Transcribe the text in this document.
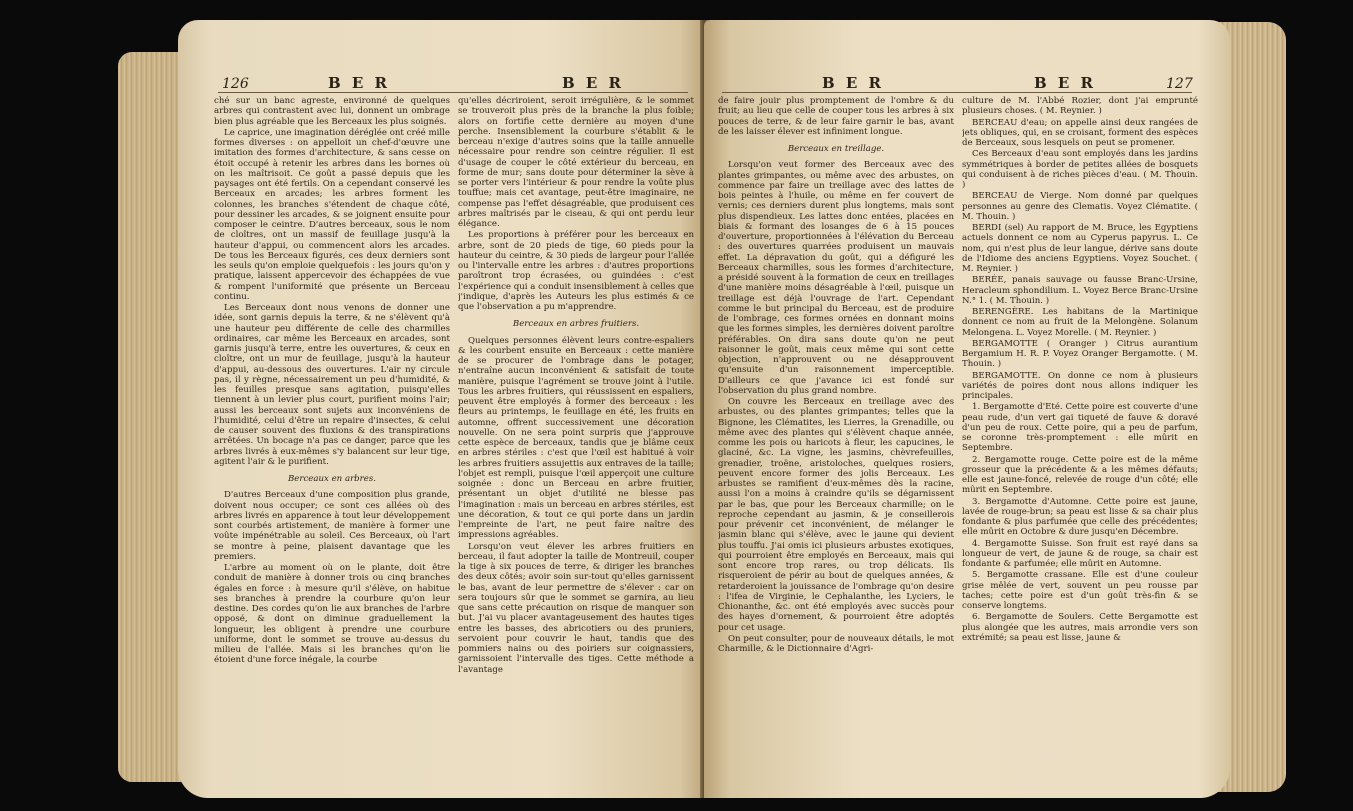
126	B E R	B E R

ché sur un banc agreste, environné de quelques arbres qui contrastent avec lui, donnent un ombrage bien plus agréable que les Berceaux les plus soignés.

Le caprice, une imagination déréglée ont créé mille formes diverses : on appelloit un chef-d'œuvre une imitation des formes d'architecture, & sans cesse on étoit occupé à retenir les arbres dans les bornes où on les maîtrisoit. Ce goût a passé depuis que les paysages ont été fertils. On a cependant conservé les Berceaux en arcades; les arbres forment les colonnes, les branches s'étendent de chaque côté, pour dessiner les arcades, & se joignent ensuite pour composer le ceintre. D'autres berceaux, sous le nom de cloîtres, ont un massif de feuillage jusqu'à la hauteur d'appui, ou commencent alors les arcades. De tous les Berceaux figurés, ces deux derniers sont les seuls qu'on emploie quelquefois : les jours qu'on y pratique, laissent appercevoir des échappées de vue & rompent l'uniformité que présente un Berceau continu.

Les Berceaux dont nous venons de donner une idée, sont garnis depuis la terre, & ne s'élèvent qu'à une hauteur peu différente de celle des charmilles ordinaires, car même les Berceaux en arcades, sont garnis jusqu'à terre, entre les ouvertures, & ceux en cloître, ont un mur de feuillage, jusqu'à la hauteur d'appui, au-dessous des ouvertures. L'air ny circule pas, il y règne, nécessairement un peu d'humidité, & les feuilles presque sans agitation, puisqu'elles tiennent à un levier plus court, purifient moins l'air; aussi les berceaux sont sujets aux inconvéniens de l'humidité, celui d'être un repaire d'insectes, & celui de causer souvent des fluxions & des transpirations arrêtées. Un bocage n'a pas ce danger, parce que les arbres livrés à eux-mêmes s'y balancent sur leur tige, agitent l'air & le purifient.

Berceaux en arbres.

D'autres Berceaux d'une composition plus grande, doivent nous occuper; ce sont ces allées où des arbres livrés en apparence à tout leur développement sont courbés artistement, de manière à former une voûte impénétrable au soleil. Ces Berceaux, où l'art se montre à peine, plaisent davantage que les premiers.

L'arbre au moment où on le plante, doit être conduit de manière à donner trois ou cinq branches égales en force : à mesure qu'il s'élève, on habitue ses branches à prendre la courbure qu'on leur destine. Des cordes qu'on lie aux branches de l'arbre opposé, & dont on diminue graduellement la longueur, les obligent à prendre une courbure uniforme, dont le sommet se trouve au-dessus du milieu de l'allée. Mais si les branches qu'on lie étoient d'une force inégale, la courbe

qu'elles décriroient, seroit irrégulière, & le sommet se trouveroit plus près de la branche la plus foible; alors on fortifie cette dernière au moyen d'une perche. Insensiblement la courbure s'établit & le berceau n'exige d'autres soins que la taille annuelle nécessaire pour rendre son ceintre régulier. Il est d'usage de couper le côté extérieur du berceau, en forme de mur; sans doute pour déterminer la sève à se porter vers l'intérieur & pour rendre la voûte plus touffue; mais cet avantage, peut-être imaginaire, ne compense pas l'effet désagréable, que produisent ces arbres maîtrisés par le ciseau, & qui ont perdu leur élégance.

Les proportions à préférer pour les berceaux en arbre, sont de 20 pieds de tige, 60 pieds pour la hauteur du ceintre, & 30 pieds de largeur pour l'allée ou l'intervalle entre les arbres : d'autres proportions paroîtront trop écrasées, ou guindées : c'est l'expérience qui a conduit insensiblement à celles que j'indique, d'après les Auteurs les plus estimés & ce que l'observation a pu m'apprendre.

Berceaux en arbres fruitiers.

Quelques personnes élèvent leurs contre-espaliers & les courbent ensuite en Berceaux : cette manière de se procurer de l'ombrage dans le potager, n'entraîne aucun inconvénient & satisfait de toute manière, puisque l'agrément se trouve joint à l'utile. Tous les arbres fruitiers, qui réussissent en espaliers, peuvent être employés à former des berceaux : les fleurs au printemps, le feuillage en été, les fruits en automne, offrent successivement une décoration nouvelle. On ne sera point surpris que j'approuve cette espèce de berceaux, tandis que je blâme ceux en arbres stériles : c'est que l'œil est habitué à voir les arbres fruitiers assujettis aux entraves de la taille; l'objet est rempli, puisque l'œil apperçoit une culture soignée : donc un Berceau en arbre fruitier, présentant un objet d'utilité ne blesse pas l'imagination : mais un berceau en arbres stériles, est une décoration, & tout ce qui porte dans un jardin l'empreinte de l'art, ne peut faire naître des impressions agréables.

Lorsqu'on veut élever les arbres fruitiers en berceau, il faut adopter la taille de Montreuil, couper la tige à six pouces de terre, & diriger les branches des deux côtés; avoir soin sur-tout qu'elles garnissent le bas, avant de leur permettre de s'élever : car on sera toujours sûr que le sommet se garnira, au lieu que sans cette précaution on risque de manquer son but. J'ai vu placer avantageusement des hautes tiges entre les basses, des abricotiers ou des pruniers, servoient pour couvrir le haut, tandis que des pommiers nains ou des poiriers sur coignassiers, garnissoient l'intervalle des tiges. Cette méthode a l'avantage

B E R	B E R	127

de faire jouir plus promptement de l'ombre & du fruit; au lieu que celle de couper tous les arbres à six pouces de terre, & de leur faire garnir le bas, avant de les laisser élever est infiniment longue.

Berceaux en treillage.

Lorsqu'on veut former des Berceaux avec des plantes grimpantes, ou même avec des arbustes, on commence par faire un treillage avec des lattes de bois peintes à l'huile, ou même en fer couvert de vernis; ces derniers durent plus longtems, mais sont plus dispendieux. Les lattes donc entées, placées en biais & formant des losanges de 6 à 15 pouces d'ouverture, proportionnées à l'élévation du Berceau : des ouvertures quarrées produisent un mauvais effet. La dépravation du goût, qui a défiguré les Berceaux charmilles, sous les formes d'architecture, a présidé souvent à la formation de ceux en treillages d'une manière moins désagréable à l'œil, puisque un treillage est déjà l'ouvrage de l'art. Cependant comme le but principal du Berceau, est de produire de l'ombrage, ces formes ornées en donnant moins que les formes simples, les dernières doivent paroître préférables. On dira sans doute qu'on ne peut raisonner le goût, mais ceux même qui sont cette objection, n'approuvent ou ne désapprouvent qu'ensuite d'un raisonnement imperceptible. D'ailleurs ce que j'avance ici est fondé sur l'observation du plus grand nombre.

On couvre les Berceaux en treillage avec des arbustes, ou des plantes grimpantes; telles que la Bignone, les Clématites, les Lierres, la Grenadille, ou même avec des plantes qui s'élèvent chaque année, comme les pois ou haricots à fleur, les capucines, le glaciné, &c. La vigne, les jasmins, chèvrefeuilles, grenadier, troëne, aristoloches, quelques rosiers, peuvent encore former des jolis Berceaux. Les arbustes se ramifient d'eux-mêmes dès la racine, aussi l'on a moins à craindre qu'ils se dégarnissent par le bas, que pour les Berceaux charmille; on le reproche cependant au jasmin, & je conseillerois pour prévenir cet inconvénient, de mélanger le jasmin blanc qui s'élève, avec le jaune qui devient plus touffu. J'ai omis ici plusieurs arbustes exotiques, qui pourroient être employés en Berceaux, mais qui sont encore trop rares, ou trop délicats. Ils risqueroient de périr au bout de quelques années, & retarderoient la jouissance de l'ombrage qu'on desire : l'ifea de Virginie, le Cephalanthe, les Lyciers, le Chionanthe, &c. ont été employés avec succès pour des hayes d'ornement, & pourroient être adoptés pour cet usage.

On peut consulter, pour de nouveaux détails, le mot Charmille, & le Dictionnaire d'Agri-

culture de M. l'Abbé Rozier, dont j'ai emprunté plusieurs choses. ( M. Reynier. )

BERCEAU d'eau; on appelle ainsi deux rangées de jets obliques, qui, en se croisant, forment des espèces de Berceaux, sous lesquels on peut se promener.

Ces Berceaux d'eau sont employés dans les jardins symmétriques à border de petites allées de bosquets qui conduisent à de riches pièces d'eau. ( M. Thouin. )

BERCEAU de Vierge. Nom donné par quelques personnes au genre des Clematis. Voyez Clématite. ( M. Thouin. )

BERDI (sel) Au rapport de M. Bruce, les Egyptiens actuels donnent ce nom au Cyperus papyrus. L. Ce nom, qui n'est plus de leur langue, dérive sans doute de l'Idiome des anciens Egyptiens. Voyez Souchet. ( M. Reynier. )

BERÉE, panais sauvage ou fausse Branc-Ursine, Heracleum sphondilium. L. Voyez Berce Branc-Ursine N.° 1. ( M. Thouin. )

BERENGÈRE. Les habitans de la Martinique donnent ce nom au fruit de la Melongène. Solanum Melongena. L. Voyez Morelle. ( M. Reynier. )

BERGAMOTTE ( Oranger ) Citrus aurantium Bergamium H. R. P. Voyez Oranger Bergamotte. ( M. Thouin. )

BERGAMOTTE. On donne ce nom à plusieurs variétés de poires dont nous allons indiquer les principales.

1. Bergamotte d'Eté. Cette poire est couverte d'une peau rude, d'un vert gai tiqueté de fauve & doravé d'un peu de roux. Cette poire, qui a peu de parfum, se coronne très-promptement : elle mûrit en Septembre.

2. Bergamotte rouge. Cette poire est de la même grosseur que la précédente & a les mêmes défauts; elle est jaune-foncé, relevée de rouge d'un côté; elle mûrit en Septembre.

3. Bergamotte d'Automne. Cette poire est jaune, lavée de rouge-brun; sa peau est lisse & sa chair plus fondante & plus parfumée que celle des précédentes; elle mûrit en Octobre & dure jusqu'en Décembre.

4. Bergamotte Suisse. Son fruit est rayé dans sa longueur de vert, de jaune & de rouge, sa chair est fondante & parfumée; elle mûrit en Automne.

5. Bergamotte crassane. Elle est d'une couleur grise mêlée de vert, souvent un peu rousse par taches; cette poire est d'un goût très-fin & se conserve longtems.

6. Bergamotte de Soulers. Cette Bergamotte est plus alongée que les autres, mais arrondie vers son extrémité; sa peau est lisse, jaune &
